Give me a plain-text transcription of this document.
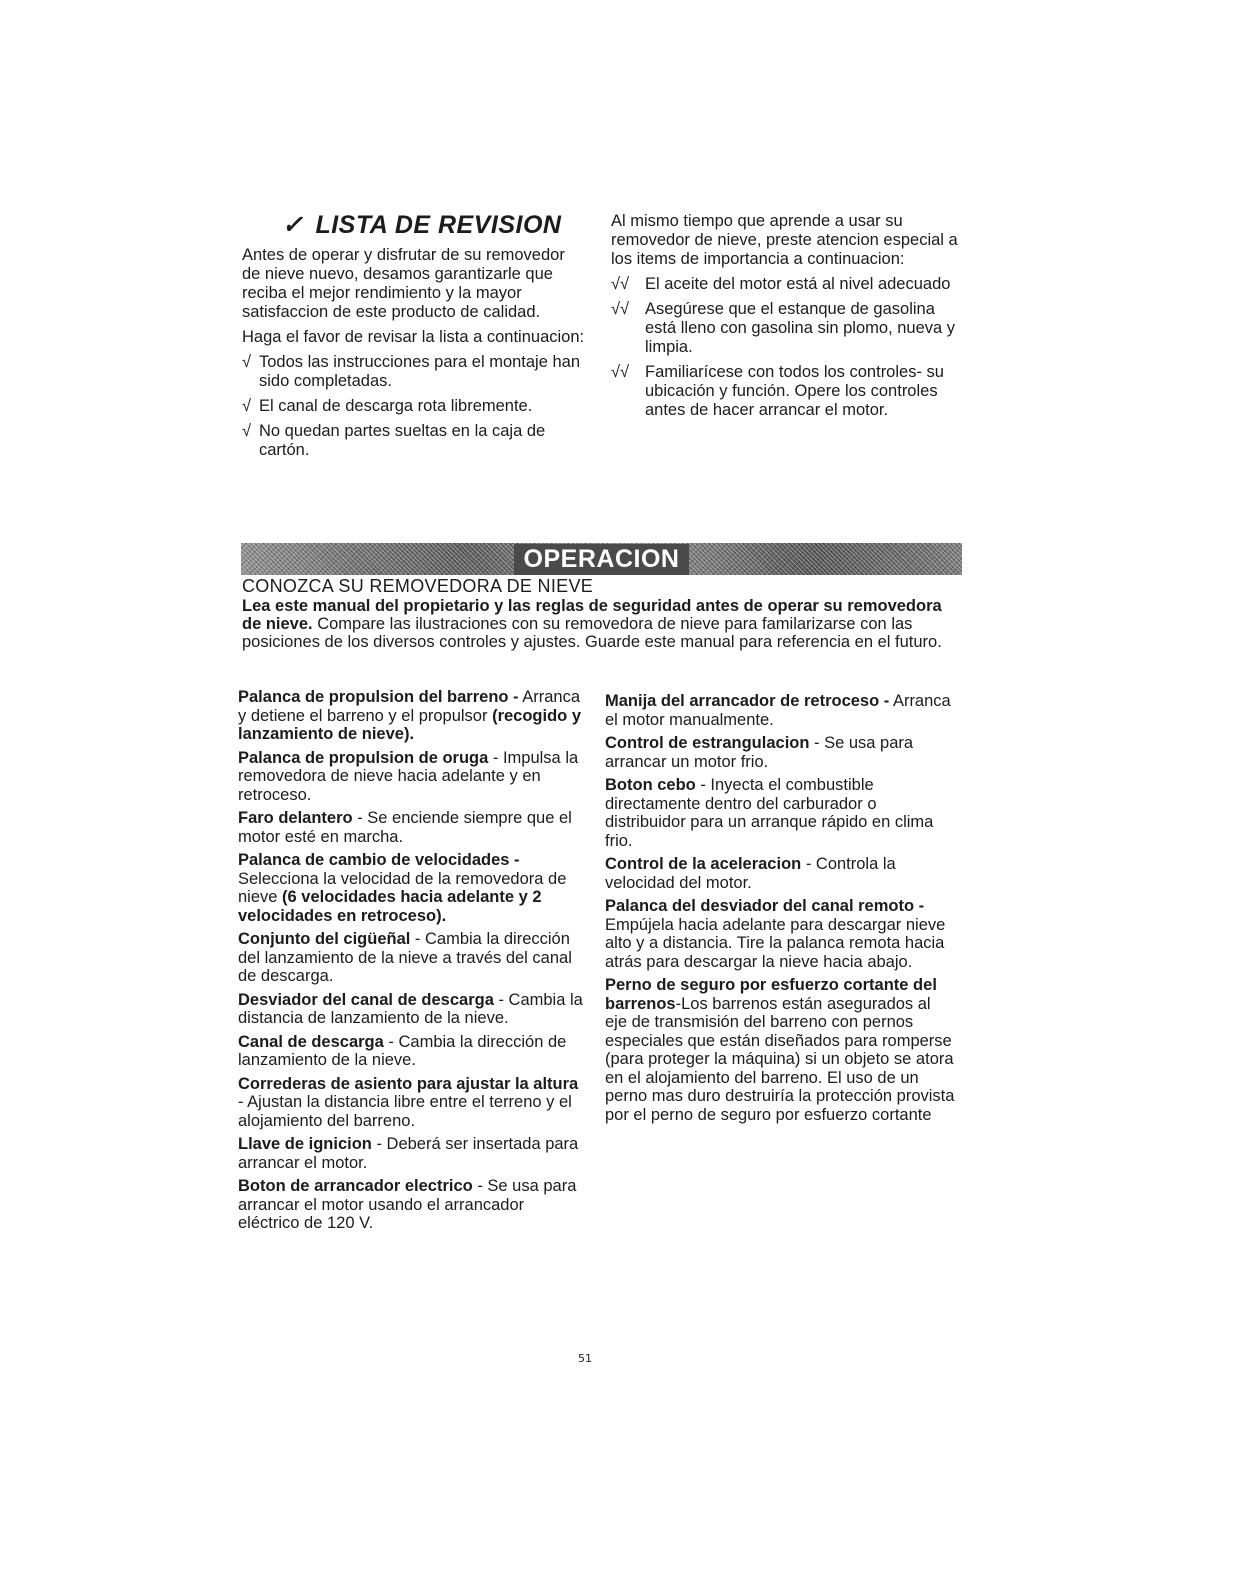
✓ LISTA DE REVISION

Antes de operar y disfrutar de su removedor de nieve nuevo, desamos garantizarle que reciba el mejor rendimiento y la mayor satisfaccion de este producto de calidad.

Haga el favor de revisar la lista a continuacion:

√ Todos las instrucciones para el montaje han sido completadas.
√ El canal de descarga rota libremente.
√ No quedan partes sueltas en la caja de cartón.

Al mismo tiempo que aprende a usar su removedor de nieve, preste atencion especial a los items de importancia a continuacion:

√√ El aceite del motor está al nivel adecuado
√√ Asegúrese que el estanque de gasolina está lleno con gasolina sin plomo, nueva y limpia.
√√ Familiarícese con todos los controles- su ubicación y función. Opere los controles antes de hacer arrancar el motor.
OPERACION
CONOZCA SU REMOVEDORA DE NIEVE

Lea este manual del propietario y las reglas de seguridad antes de operar su removedora de nieve. Compare las ilustraciones con su removedora de nieve para familarizarse con las posiciones de los diversos controles y ajustes. Guarde este manual para referencia en el futuro.

Palanca de propulsion del barreno - Arranca y detiene el barreno y el propulsor (recogido y lanzamiento de nieve).

Palanca de propulsion de oruga - Impulsa la removedora de nieve hacia adelante y en retroceso.

Faro delantero - Se enciende siempre que el motor esté en marcha.

Palanca de cambio de velocidades - Selecciona la velocidad de la removedora de nieve (6 velocidades hacia adelante y 2 velocidades en retroceso).

Conjunto del cigüeñal - Cambia la dirección del lanzamiento de la nieve a través del canal de descarga.

Desviador del canal de descarga - Cambia la distancia de lanzamiento de la nieve.

Canal de descarga - Cambia la dirección de lanzamiento de la nieve.

Correderas de asiento para ajustar la altura - Ajustan la distancia libre entre el terreno y el alojamiento del barreno.

Llave de ignicion - Deberá ser insertada para arrancar el motor.

Boton de arrancador electrico - Se usa para arrancar el motor usando el arrancador eléctrico de 120 V.

Manija del arrancador de retroceso - Arranca el motor manualmente.

Control de estrangulacion - Se usa para arrancar un motor frio.

Boton cebo - Inyecta el combustible directamente dentro del carburador o distribuidor para un arranque rápido en clima frio.

Control de la aceleracion - Controla la velocidad del motor.

Palanca del desviador del canal remoto - Empújela hacia adelante para descargar nieve alto y a distancia. Tire la palanca remota hacia atrás para descargar la nieve hacia abajo.

Perno de seguro por esfuerzo cortante del barrenos-Los barrenos están asegurados al eje de transmisión del barreno con pernos especiales que están diseñados para romperse (para proteger la máquina) si un objeto se atora en el alojamiento del barreno. El uso de un perno mas duro destruiría la protección provista por el perno de seguro por esfuerzo cortante

51
